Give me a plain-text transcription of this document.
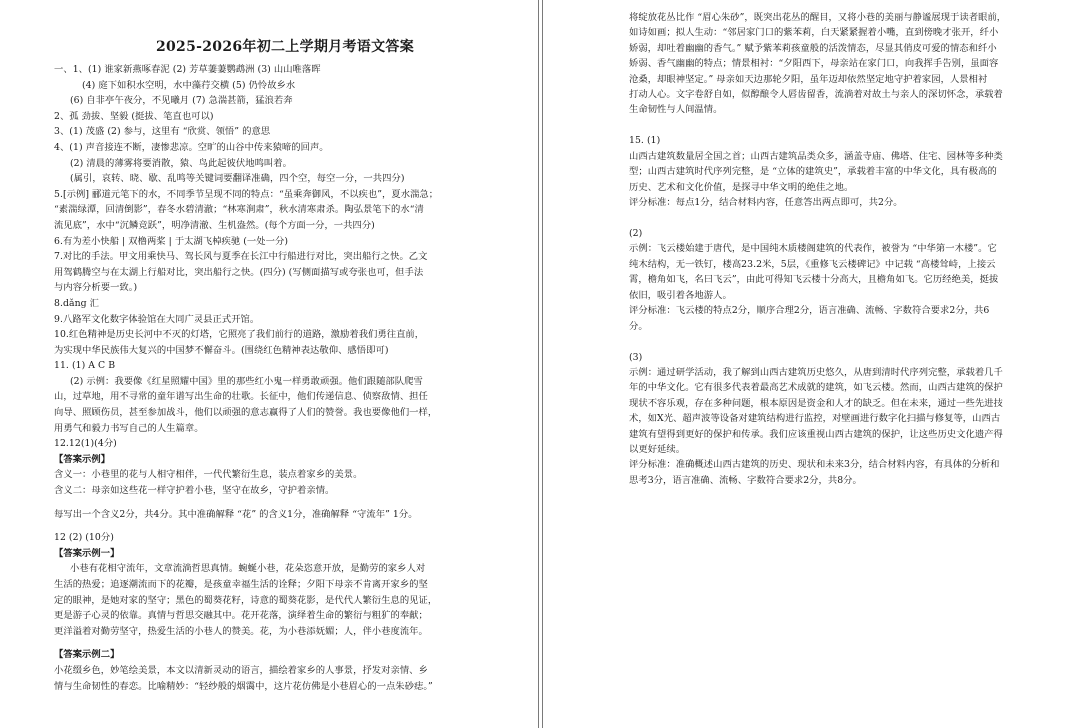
2025-2026年初二上学期月考语文答案
一、1、(1) 谁家新燕啄春泥 (2) 芳草萋萋鹦鹉洲 (3) 山山唯落晖
(4) 庭下如积水空明，水中藻荇交横 (5) 仍怜故乡水
(6) 自非亭午夜分，不见曦月 (7) 急湍甚箭，猛浪若奔
2、孤 劲拔、坚毅 (挺拔、笔直也可以)
3、(1) 茂盛 (2) 参与，这里有 “欣赏、领悟” 的意思
4、(1) 声音接连不断，凄惨悲凉。空旷的山谷中传来猿啼的回声。
(2) 清晨的薄雾将要消散，猿、鸟此起彼伏地鸣叫着。
(属引，哀转、晓、歇、乱鸣等关键词要翻译准确，四个空，每空一分，一共四分)
5.[示例] 郦道元笔下的水，不同季节呈现不同的特点：“虽乘奔御风，不以疾也”，夏水湍急；
“素湍绿潭，回清倒影”，春冬水碧清澈；“林寒涧肃”，秋水清寒肃杀。陶弘景笔下的水“清
流见底”，水中“沉鳞竞跃”，明净清澈、生机盎然。(每个方面一分，一共四分)
6.有为差小快船 | 双橹两桨 | 于太湖飞棹疾驰 (一处一分)
7.对比的手法。甲文用乘快马、驾长风与夏季在长江中行船进行对比，突出船行之快。乙文
用驾鹤腾空与在太湖上行船对比，突出船行之快。(四分) (写侧面描写或夸张也可，但手法
与内容分析要一致。)
8.dǎng 汇
9.八路军文化数字体验馆在大同广灵县正式开馆。
10.红色精神是历史长河中不灭的灯塔，它照亮了我们前行的道路，激励着我们勇往直前，
为实现中华民族伟大复兴的中国梦不懈奋斗。(围绕红色精神表达敬仰、感悟即可)
11. (1) A C B
(2) 示例：我要像《红星照耀中国》里的那些红小鬼一样勇敢顽强。他们跟随部队爬雪
山，过草地，用不寻常的童年谱写出生命的壮歌。长征中，他们传递信息、侦察敌情、担任
向导、照顾伤员，甚至参加战斗，他们以顽强的意志赢得了人们的赞誉。我也要像他们一样，
用勇气和毅力书写自己的人生篇章。
12.12(1)(4分)
【答案示例】
含义一：小巷里的花与人相守相伴，一代代繁衍生息，装点着家乡的美景。
含义二：母亲如这些花一样守护着小巷，坚守在故乡，守护着亲情。
每写出一个含义2分，共4分。其中准确解释 “花” 的含义1分，准确解释 “守流年” 1分。
12 (2) (10分)
【答案示例一】
小巷有花相守流年，文章流淌哲思真情。蜿蜒小巷，花朵恣意开放，是勤劳的家乡人对
生活的热爱；追逐潮流而下的花瓣，是孩童幸福生活的诠释；夕阳下母亲不肯离开家乡的坚
定的眼神，是她对家的坚守；黑色的蜀葵花籽，诗意的蜀葵花影，是代代人繁衍生息的见证，
更是游子心灵的依靠。真情与哲思交融其中。花开花落，演绎着生命的繁衍与粗犷的奉献；
更洋溢着对勤劳坚守，热爱生活的小巷人的赞美。花，为小巷添妩媚；人，伴小巷度流年。
【答案示例二】
小花缀乡色，妙笔绘美景，本文以清新灵动的语言，描绘着家乡的人事景，抒发对亲情、乡
情与生命韧性的春恋。比喻精妙：“轻纱般的烟霭中，这片花仿佛是小巷眉心的一点朱砂痣。”
将绽放花丛比作 “眉心朱砂”，既突出花丛的醒目，又将小巷的美丽与静谧展现于读者眼前，
如诗如画；拟人生动：“邻居家门口的紫苯莉，白天紧紧握着小嘴，直到傍晚才张开，纤小
娇弱，却吐着幽幽的香气。” 赋予紫苯莉孩童般的活泼情态，尽显其俏皮可爱的情态和纤小
娇弱、香气幽幽的特点；情景相衬：“夕阳西下，母亲站在家门口，向我挥手告别，虽面容
沧桑，却眼神坚定。” 母亲如天边那轮夕阳，虽年迈却依然坚定地守护着家园，人景相衬
打动人心。文字卷舒自如，似醇酿令人唇齿留香，流淌着对故土与亲人的深切怀念，承载着
生命韧性与人间温情。
15. (1)
山西古建筑数量居全国之首；山西古建筑品类众多，涵盖寺庙、佛塔、住宅、园林等多种类
型；山西古建筑时代序列完整，是 “立体的建筑史”，承载着丰富的中华文化，具有极高的
历史、艺术和文化价值，是探寻中华文明的绝佳之地。
评分标准：每点1分，结合材料内容，任意答出两点即可，共2分。
(2)
示例：飞云楼始建于唐代，是中国纯木质楼阁建筑的代表作，被誉为 “中华第一木楼”。它
纯木结构，无一铁钉，楼高23.2米，5层，《重修飞云楼碑记》中记载 “高楼耸峙，上接云
霄，檐角如飞，名曰飞云”，由此可得知飞云楼十分高大，且檐角如飞。它历经绝美，挺拔
依旧，吸引着各地游人。
评分标准：飞云楼的特点2分，顺序合理2分，语言准确、流畅、字数符合要求2分，共6
分。
(3)
示例：通过研学活动，我了解到山西古建筑历史悠久，从唐到清时代序列完整，承载着几千
年的中华文化。它有很多代表着最高艺术成就的建筑，如飞云楼。然而，山西古建筑的保护
现状不容乐观，存在多种问题，根本原因是资金和人才的缺乏。但在未来，通过一些先进技
术，如X光、超声波等设备对建筑结构进行监控，对壁画进行数字化扫描与修复等，山西古
建筑有望得到更好的保护和传承。我们应该重视山西古建筑的保护，让这些历史文化遗产得
以更好延续。
评分标准：准确概述山西古建筑的历史、现状和未来3分，结合材料内容，有具体的分析和
思考3分，语言准确、流畅、字数符合要求2分，共8分。
